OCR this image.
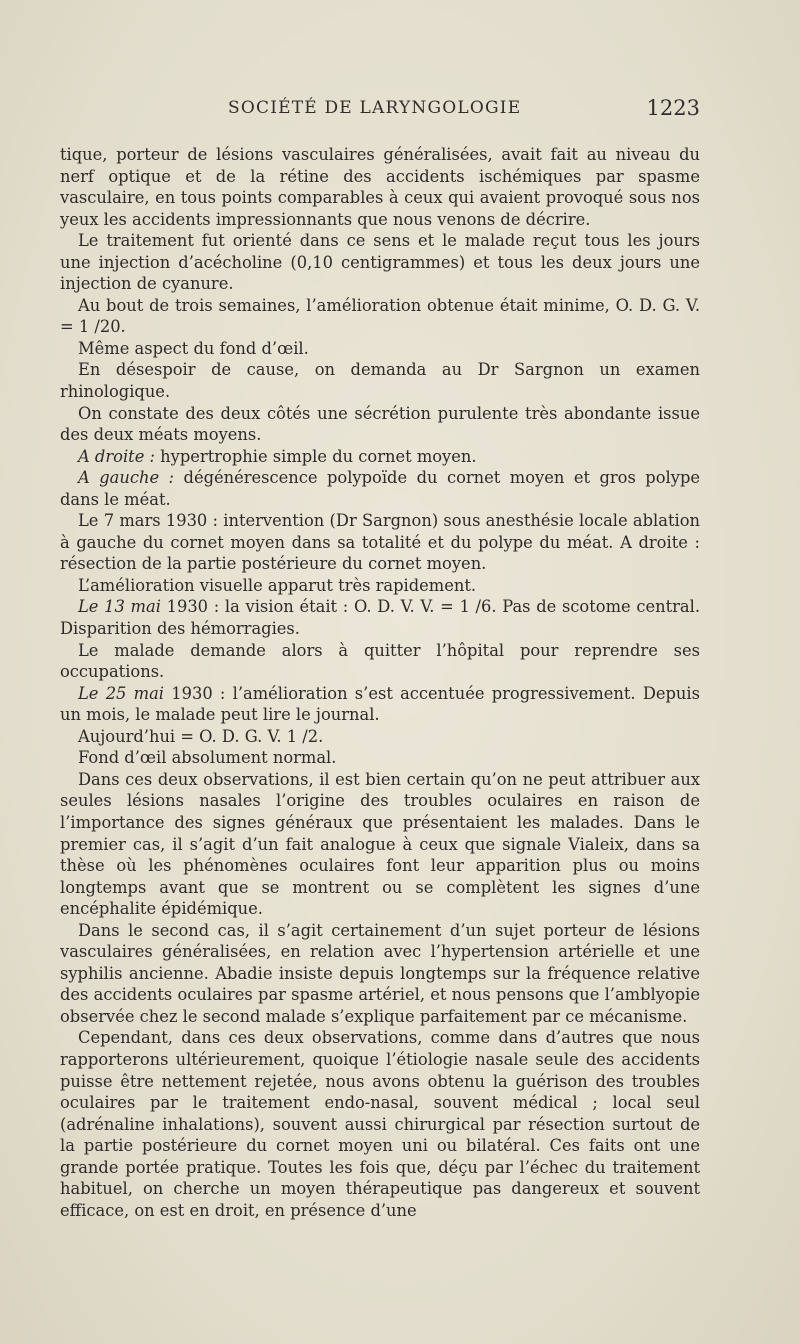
SOCIÉTÉ DE LARYNGOLOGIE	1223

tique, porteur de lésions vasculaires généralisées, avait fait au niveau du nerf optique et de la rétine des accidents ischémiques par spasme vasculaire, en tous points comparables à ceux qui avaient provoqué sous nos yeux les accidents impressionnants que nous venons de décrire.

Le traitement fut orienté dans ce sens et le malade reçut tous les jours une injection d’acécholine (0,10 centigrammes) et tous les deux jours une injection de cyanure.

Au bout de trois semaines, l’amélioration obtenue était minime, O. D. G. V. = 1 /20.

Même aspect du fond d’œil.

En désespoir de cause, on demanda au Dr Sargnon un examen rhinologique.

On constate des deux côtés une sécrétion purulente très abondante issue des deux méats moyens.

A droite : hypertrophie simple du cornet moyen.

A gauche : dégénérescence polypoïde du cornet moyen et gros polype dans le méat.

Le 7 mars 1930 : intervention (Dr Sargnon) sous anesthésie locale ablation à gauche du cornet moyen dans sa totalité et du polype du méat. A droite : résection de la partie postérieure du cornet moyen.

L’amélioration visuelle apparut très rapidement.

Le 13 mai 1930 : la vision était : O. D. V. V. = 1 /6. Pas de scotome central. Disparition des hémorragies.

Le malade demande alors à quitter l’hôpital pour reprendre ses occupations.

Le 25 mai 1930 : l’amélioration s’est accentuée progressivement. Depuis un mois, le malade peut lire le journal.

Aujourd’hui = O. D. G. V. 1 /2.

Fond d’œil absolument normal.

Dans ces deux observations, il est bien certain qu’on ne peut attribuer aux seules lésions nasales l’origine des troubles oculaires en raison de l’importance des signes généraux que présentaient les malades. Dans le premier cas, il s’agit d’un fait analogue à ceux que signale Vialeix, dans sa thèse où les phénomènes oculaires font leur apparition plus ou moins longtemps avant que se montrent ou se complètent les signes d’une encéphalite épidémique.

Dans le second cas, il s’agit certainement d’un sujet porteur de lésions vasculaires généralisées, en relation avec l’hypertension artérielle et une syphilis ancienne. Abadie insiste depuis longtemps sur la fréquence relative des accidents oculaires par spasme artériel, et nous pensons que l’amblyopie observée chez le second malade s’explique parfaitement par ce mécanisme.

Cependant, dans ces deux observations, comme dans d’autres que nous rapporterons ultérieurement, quoique l’étiologie nasale seule des accidents puisse être nettement rejetée, nous avons obtenu la guérison des troubles oculaires par le traitement endo-nasal, souvent médical ; local seul (adrénaline inhalations), souvent aussi chirurgical par résection surtout de la partie postérieure du cornet moyen uni ou bilatéral. Ces faits ont une grande portée pratique. Toutes les fois que, déçu par l’échec du traitement habituel, on cherche un moyen thérapeutique pas dangereux et souvent efficace, on est en droit, en présence d’une
